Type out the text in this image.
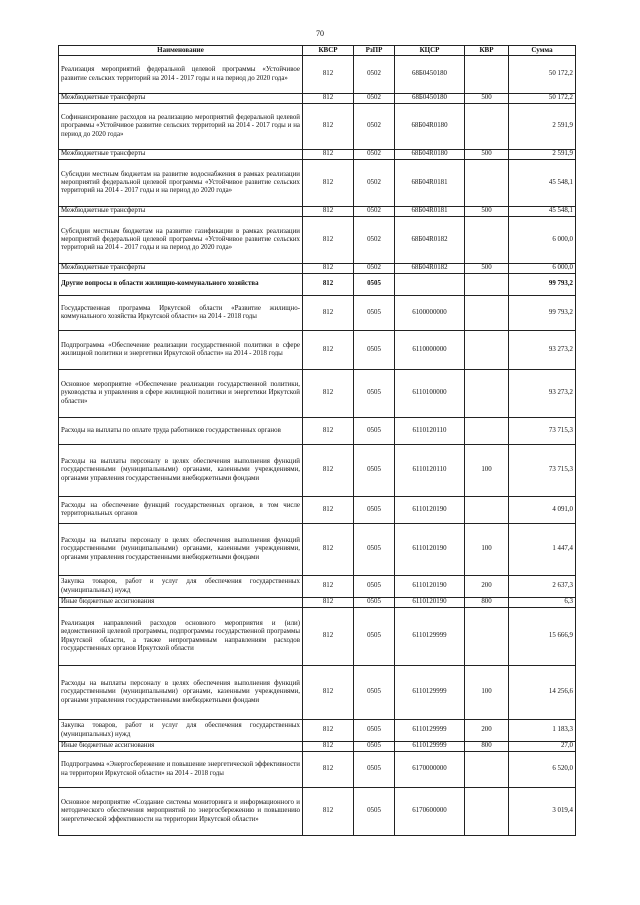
70
Наименование	КВСР	РзПР	КЦСР	КВР	Сумма
Реализация мероприятий федеральной целевой программы «Устойчивое развитие сельских территорий на 2014 - 2017 годы и на период до 2020 года»	812	0502	68Б0450180		50 172,2
Межбюджетные трансферты	812	0502	68Б0450180	500	50 172,2
Софинансирование расходов на реализацию мероприятий федеральной целевой программы «Устойчивое развитие сельских территорий на 2014 - 2017 годы и на период до 2020 года»	812	0502	68Б04R0180		2 591,9
Межбюджетные трансферты	812	0502	68Б04R0180	500	2 591,9
Субсидии местным бюджетам на развитие водоснабжения в рамках реализации мероприятий федеральной целевой программы «Устойчивое развитие сельских территорий на 2014 - 2017 годы и на период до 2020 года»	812	0502	68Б04R0181		45 548,1
Межбюджетные трансферты	812	0502	68Б04R0181	500	45 548,1
Субсидии местным бюджетам на развитие газификации в рамках реализации мероприятий федеральной целевой программы «Устойчивое развитие сельских территорий на 2014 - 2017 годы и на период до 2020 года»	812	0502	68Б04R0182		6 000,0
Межбюджетные трансферты	812	0502	68Б04R0182	500	6 000,0
Другие вопросы в области жилищно-коммунального хозяйства	812	0505			99 793,2
Государственная программа Иркутской области «Развитие жилищно-коммунального хозяйства Иркутской области» на 2014 - 2018 годы	812	0505	6100000000		99 793,2
Подпрограмма «Обеспечение реализации государственной политики в сфере жилищной политики и энергетики Иркутской области» на 2014 - 2018 годы	812	0505	6110000000		93 273,2
Основное мероприятие «Обеспечение реализации государственной политики, руководства и управления в сфере жилищной политики и энергетики Иркутской области»	812	0505	6110100000		93 273,2
Расходы на выплаты по оплате труда работников государственных органов	812	0505	6110120110		73 715,3
Расходы на выплаты персоналу в целях обеспечения выполнения функций государственными (муниципальными) органами, казенными учреждениями, органами управления государственными внебюджетными фондами	812	0505	6110120110	100	73 715,3
Расходы на обеспечение функций государственных органов, в том числе территориальных органов	812	0505	6110120190		4 091,0
Расходы на выплаты персоналу в целях обеспечения выполнения функций государственными (муниципальными) органами, казенными учреждениями, органами управления государственными внебюджетными фондами	812	0505	6110120190	100	1 447,4
Закупка товаров, работ и услуг для обеспечения государственных (муниципальных) нужд	812	0505	6110120190	200	2 637,3
Иные бюджетные ассигнования	812	0505	6110120190	800	6,3
Реализация направлений расходов основного мероприятия и (или) ведомственной целевой программы, подпрограммы государственной программы Иркутской области, а также непрограммным направлениям расходов государственных органов Иркутской области	812	0505	6110129999		15 666,9
Расходы на выплаты персоналу в целях обеспечения выполнения функций государственными (муниципальными) органами, казенными учреждениями, органами управления государственными внебюджетными фондами	812	0505	6110129999	100	14 256,6
Закупка товаров, работ и услуг для обеспечения государственных (муниципальных) нужд	812	0505	6110129999	200	1 183,3
Иные бюджетные ассигнования	812	0505	6110129999	800	27,0
Подпрограмма «Энергосбережение и повышение энергетической эффективности на территории Иркутской области» на 2014 - 2018 годы	812	0505	6170000000		6 520,0
Основное мероприятие «Создание системы мониторинга и информационного и методического обеспечения мероприятий по энергосбережению и повышению энергетической эффективности на территории Иркутской области»	812	0505	6170600000		3 019,4
